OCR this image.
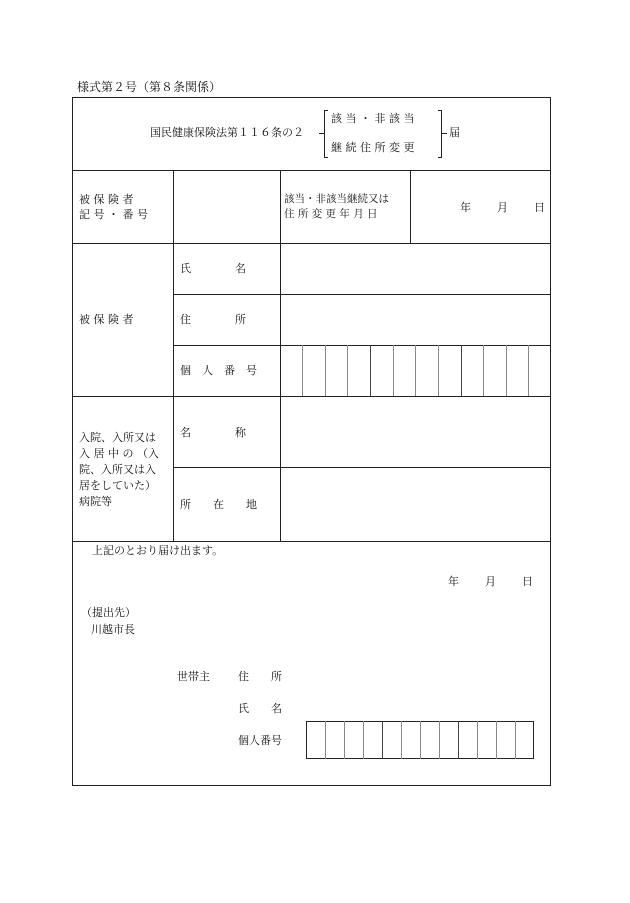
様式第２号（第８条関係）
国民健康保険法第１１６条の２
該 当 ・ 非 該 当
継 続 住 所 変 更
届
被 保 険 者
記 号 ・ 番 号
該当・非該当継続又は
住 所 変 更 年 月 日	年 月 日
被 保 険 者
氏　　　　名
住　　　　所
個　人　番　号
入院、入所又は
入 居 中 の （入
院、入所又は入
居をしていた）
病院等
名　　　　称
所　　在　　地
上記のとおり届け出ます。
年 月 日
（提出先）
川越市長
世帯主	住　　所
氏　　名
個人番号
